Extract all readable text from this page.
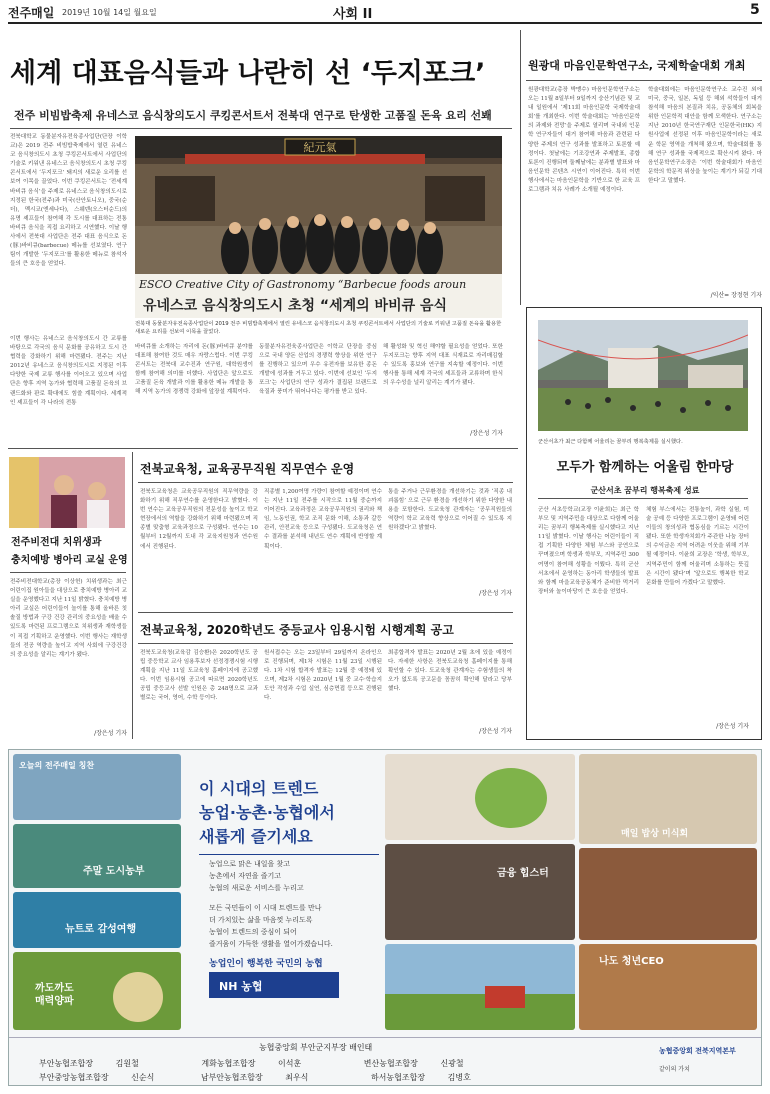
전주매일 2019년 10월 14일 월요일	사회 II	5
세계 대표음식들과 나란히 선 ‘두지포크’
전주 비빔밥축제 유네스코 음식창의도시 쿠킹콘서트서 전북대 연구로 탄생한 고품질 돈육 요리 선봬
전북대학교 동물분자유전육종사업단(단장 이학교)은 2019 전주 비빔밥축제에서 열린 유네스코 음식창의도시 초청 쿠킹콘서트에서 사업단의 기술로 키워낸 유네스코 음식창의도시 초청 쿠킹콘서트에서 ‘두지포크’ 돼지의 새로운 요리를 선보여 이목을 끌었다. 이번 쿠킹콘서트는 ‘전세계 바비큐 음식’을 주제로 유네스코 음식창의도시로 지정된 한국(전주)과 미국(산안토니오), 중국(순더), 멕시코(엔세나다), 스웨덴(오스터순드)의 유명 셰프들이 참여해 각 도시를 대표하는 전통 바비큐 음식을 직접 요리하고 시연했다. 이날 행사에서 전북대 사업단은 전주 대표 음식으로 돈(豚)바비큐(barbecue) 메뉴를 선보였다. 연구팀이 개발한 ‘두지포크’를 활용한 메뉴로 참석자들의 큰 호응을 얻었다.
이번 행사는 유네스코 음식창의도시 간 교류를 바탕으로 각국의 음식 문화를 공유하고 도시 간 협력을 강화하기 위해 마련됐다. 전주는 지난 2012년 유네스코 음식창의도시로 지정된 이후 다양한 국제 교류 행사를 이어오고 있으며 사업단은 향후 지역 농가와 협력해 고품질 돈육의 브랜드화와 판로 확대에도 힘쓸 계획이다. 세계적인 셰프들이 각 나라의 전통
紀元氣
ESCO Creative City of Gastronomy “Barbecue foods aroun
유네스코 음식창의도시 초청 “세계의 바비큐 음식
전북대 동물분자유전육종사업단이 2019 전주 비빔밥축제에서 열린 유네스코 음식창의도시 초청 쿠킹콘서트에서 사업단의 기술로 키워낸 고품질 돈육을 활용한 새로운 요리를 선보여 이목을 끌었다.
바비큐를 소개하는 자리에 돈(豚)바비큐 분야를 대표해 참여한 것도 매우 자랑스럽다. 이번 쿠킹콘서트는 전북대 교수진과 연구원, 대학원생이 함께 참여해 의미를 더했다. 사업단은 앞으로도 고품질 돈육 개발과 이를 활용한 메뉴 개발을 통해 지역 농가의 경쟁력 강화에 앞장설 계획이다.
동물분자유전육종사업단은 이학교 단장을 중심으로 국내 양돈 산업의 경쟁력 향상을 위한 연구를 진행하고 있으며 우수 유전자를 보유한 종돈 개발에 성과를 거두고 있다. 이번에 선보인 ‘두지포크’는 사업단의 연구 성과가 결집된 브랜드로 육질과 풍미가 뛰어나다는 평가를 받고 있다.
해 활성화 및 혁신 해야할 필요성을 얻었다. 또한 두지포크는 향후 지역 대표 식재료로 자리매김할 수 있도록 홍보와 연구를 지속할 예정이다. 이번 행사를 통해 세계 각국의 셰프들과 교류하며 한식의 우수성을 널리 알리는 계기가 됐다.
/장은성 기자
원광대 마음인문학연구소, 국제학술대회 개최
원광대학교(총장 박맹수) 마음인문학연구소는 오는 11월 8일부터 9일까지 숭산기념관 및 교내 일원에서 ‘제11회 마음인문학 국제학술대회’를 개최한다. 이번 학술대회는 ‘마음인문학의 과제와 전망’을 주제로 열리며 국내외 인문학 연구자들이 대거 참여해 마음과 관련된 다양한 주제의 연구 성과를 발표하고 토론할 예정이다. 첫날에는 기조강연과 주제발표, 종합토론이 진행되며 둘째날에는 분과별 발표와 마음인문학 콘텐츠 시연이 이어진다. 특히 이번 행사에서는 마음인문학을 기반으로 한 교육 프로그램과 치유 사례가 소개될 예정이다.
학술대회에는 마음인문학연구소 교수진 외에 미국, 중국, 일본, 독일 등 해외 석학들이 대거 참석해 마음의 본질과 치유, 공동체의 회복을 위한 인문학적 대안을 함께 모색한다. 연구소는 지난 2010년 한국연구재단 인문한국(HK) 지원사업에 선정된 이후 마음인문학이라는 새로운 학문 영역을 개척해 왔으며, 학술대회를 통해 연구 성과를 국제적으로 확산시켜 왔다. 마음인문학연구소장은 ‘이번 학술대회가 마음인문학의 학문적 위상을 높이는 계기가 되길 기대한다’고 말했다.
/익산= 장정현 기자
군산서초가 최근 다함께 어울리는 꿈부리 행복축제를 실시했다.
모두가 함께하는 어울림 한마당
군산서초 꿈부리 행복축제 성료
군산 서초등학교(교장 이윤희)는 최근 학부모 및 지역주민을 대상으로 다함께 어울리는 꿈부리 행복축제를 실시했다고 지난 11일 밝혔다. 이날 행사는 어린이들이 직접 기획한 다양한 체험 부스와 공연으로 꾸며졌으며 학생과 학부모, 지역주민 300여명이 참여해 성황을 이뤘다. 특히 군산서초에서 운영하는 동아리 학생들의 발표와 함께 마을교육공동체가 준비한 먹거리 장터와 놀이마당이 큰 호응을 얻었다.
체험 부스에서는 전통놀이, 과학 실험, 미술 공예 등 다양한 프로그램이 운영돼 어린이들의 창의성과 협동심을 기르는 시간이 됐다. 또한 학생자치회가 주관한 나눔 장터의 수익금은 지역 어려운 이웃을 위해 기부될 예정이다. 이윤희 교장은 ‘학생, 학부모, 지역주민이 함께 어울리며 소통하는 뜻깊은 시간이 됐다’며 ‘앞으로도 행복한 학교 문화를 만들어 가겠다’고 말했다.
/장은성 기자
전주비전대 치위생과
충치예방 병아리 교실 운영
전주비전대학교(총장 이상헌) 치위생과는 최근 어린이집 원아들을 대상으로 충치예방 병아리 교실을 운영했다고 지난 11일 밝혔다. 충치예방 병아리 교실은 어린이들이 놀이를 통해 올바른 칫솔질 방법과 구강 건강 관리의 중요성을 배울 수 있도록 마련된 프로그램으로 치위생과 재학생들이 직접 기획하고 운영했다. 이번 행사는 재학생들의 전공 역량을 높이고 지역 사회에 구강건강의 중요성을 알리는 계기가 됐다.
/장은성 기자
전북교육청, 교육공무직원 직무연수 운영
전북도교육청은 교육공무직원의 직무역량을 강화하기 위해 직무연수를 운영한다고 밝혔다. 이번 연수는 교육공무직원의 전문성을 높이고 학교 현장에서의 역할을 강화하기 위해 마련됐으며 직종별 맞춤형 교육과정으로 구성됐다. 연수는 10월부터 12월까지 도내 각 교육지원청과 연수원에서 진행된다.
직종별 1,200여명 가량이 참여할 예정이며 연수는 지난 11일 전주를 시작으로 11월 중순까지 이어진다. 교육과정은 교육공무직원의 권리와 책임, 노동인권, 학교 조직 문화 이해, 소통과 갈등관리, 안전교육 등으로 구성됐다. 도교육청은 연수 결과를 분석해 내년도 연수 계획에 반영할 계획이다.
통을 주거나 근무환경을 개선하기는 것과 ‘직종 내 괴롭힘’ 으로 근무 환경을 개선하기 위한 다양한 내용을 포함한다. 도교육청 관계자는 ‘공무직원들의 역량이 학교 교육력 향상으로 이어질 수 있도록 지원하겠다’고 밝혔다.
/장은성 기자
전북교육청, 2020학년도 중등교사 임용시험 시행계획 공고
전북도교육청(교육감 김승환)은 2020학년도 공립 중등학교 교사 임용후보자 선정경쟁시험 시행계획을 지난 11일 도교육청 홈페이지에 공고했다. 이번 임용시험 공고에 따르면 2020학년도 공립 중등교사 선발 인원은 총 248명으로 교과별로는 국어, 영어, 수학 등이다.
원서접수는 오는 23일부터 29일까지 온라인으로 진행되며, 제1차 시험은 11월 23일 시행된다. 1차 시험 합격자 발표는 12월 중 예정돼 있으며, 제2차 시험은 2020년 1월 중 교수·학습지도안 작성과 수업 실연, 심층면접 등으로 진행된다.
최종합격자 발표는 2020년 2월 초에 있을 예정이다. 자세한 사항은 전북도교육청 홈페이지를 통해 확인할 수 있다. 도교육청 관계자는 수험생들의 착오가 없도록 공고문을 꼼꼼히 확인해 달라고 당부했다.
/장은성 기자
오늘의 전주매일 칭찬
주말 도시농부
뉴트로 감성여행
까도까도 매력양파
이 시대의 트렌드
농업·농촌·농협에서
새롭게 즐기세요
농업으로 맑은 내일을 찾고
농촌에서 자연을 즐기고
농협의 새로운 서비스를 누리고
모든 국민들이 이 시대 트렌드를 만나
더 가치있는 삶을 마음껏 누리도록
농협이 트렌드의 중심이 되어
즐거움이 가득한 생활을 열어가겠습니다.
농업인이 행복한 국민의 농협
NH 농협
금융 힙스터
매일 밥상 미식회
나도 청년CEO
농협중앙회 부안군지부장 배인태
부안농협조합장	김원철	계화농협조합장	이석훈	변산농협조합장	신광철
부안중앙농협조합장	신순식	남부안농협조합장	최우식	하서농협조합장	김병호
농협중앙회 전북지역본부
같이의 가치
